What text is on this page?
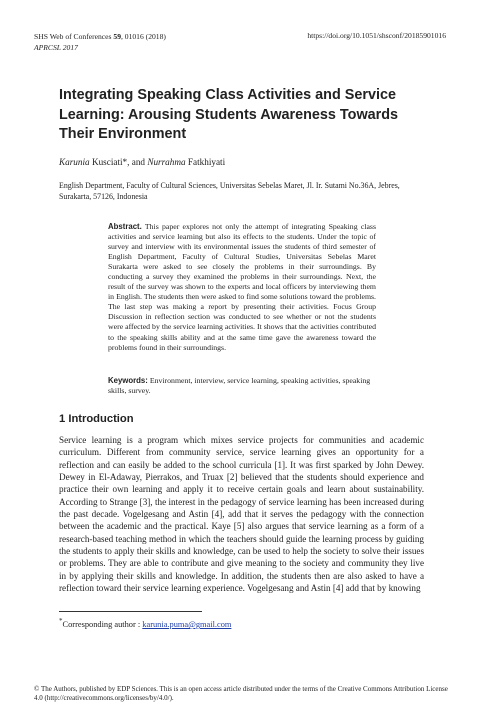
SHS Web of Conferences 59, 01016 (2018)
APRCSL 2017
https://doi.org/10.1051/shsconf/20185901016
Integrating Speaking Class Activities and Service Learning: Arousing Students Awareness Towards Their Environment
Karunia Kusciati*, and Nurrahma Fatkhiyati
English Department, Faculty of Cultural Sciences, Universitas Sebelas Maret, Jl. Ir. Sutami No.36A, Jebres, Surakarta, 57126, Indonesia

Abstract. This paper explores not only the attempt of integrating Speaking class activities and service learning but also its effects to the students. Under the topic of survey and interview with its environmental issues the students of third semester of English Department, Faculty of Cultural Studies, Universitas Sebelas Maret Surakarta were asked to see closely the problems in their surroundings. By conducting a survey they examined the problems in their surroundings. Next, the result of the survey was shown to the experts and local officers by interviewing them in English. The students then were asked to find some solutions toward the problems. The last step was making a report by presenting their activities. Focus Group Discussion in reflection section was conducted to see whether or not the students were affected by the service learning activities. It shows that the activities contributed to the speaking skills ability and at the same time gave the awareness toward the problems found in their surroundings.

Keywords: Environment, interview, service learning, speaking activities, speaking skills, survey.

1 Introduction

Service learning is a program which mixes service projects for communities and academic curriculum. Different from community service, service learning gives an opportunity for a reflection and can easily be added to the school curricula [1]. It was first sparked by John Dewey. Dewey in El-Adaway, Pierrakos, and Truax [2] believed that the students should experience and practice their own learning and apply it to receive certain goals and learn about sustainability. According to Strange [3], the interest in the pedagogy of service learning has been increased during the past decade. Vogelgesang and Astin [4], add that it serves the pedagogy with the connection between the academic and the practical. Kaye [5] also argues that service learning as a form of a research-based teaching method in which the teachers should guide the learning process by guiding the students to apply their skills and knowledge, can be used to help the society to solve their issues or problems. They are able to contribute and give meaning to the society and community they live in by applying their skills and knowledge. In addition, the students then are also asked to have a reflection toward their service learning experience. Vogelgesang and Astin [4] add that by knowing

*Corresponding author : karunia.puma@gmail.com

© The Authors, published by EDP Sciences. This is an open access article distributed under the terms of the Creative Commons Attribution License 4.0 (http://creativecommons.org/licenses/by/4.0/).
